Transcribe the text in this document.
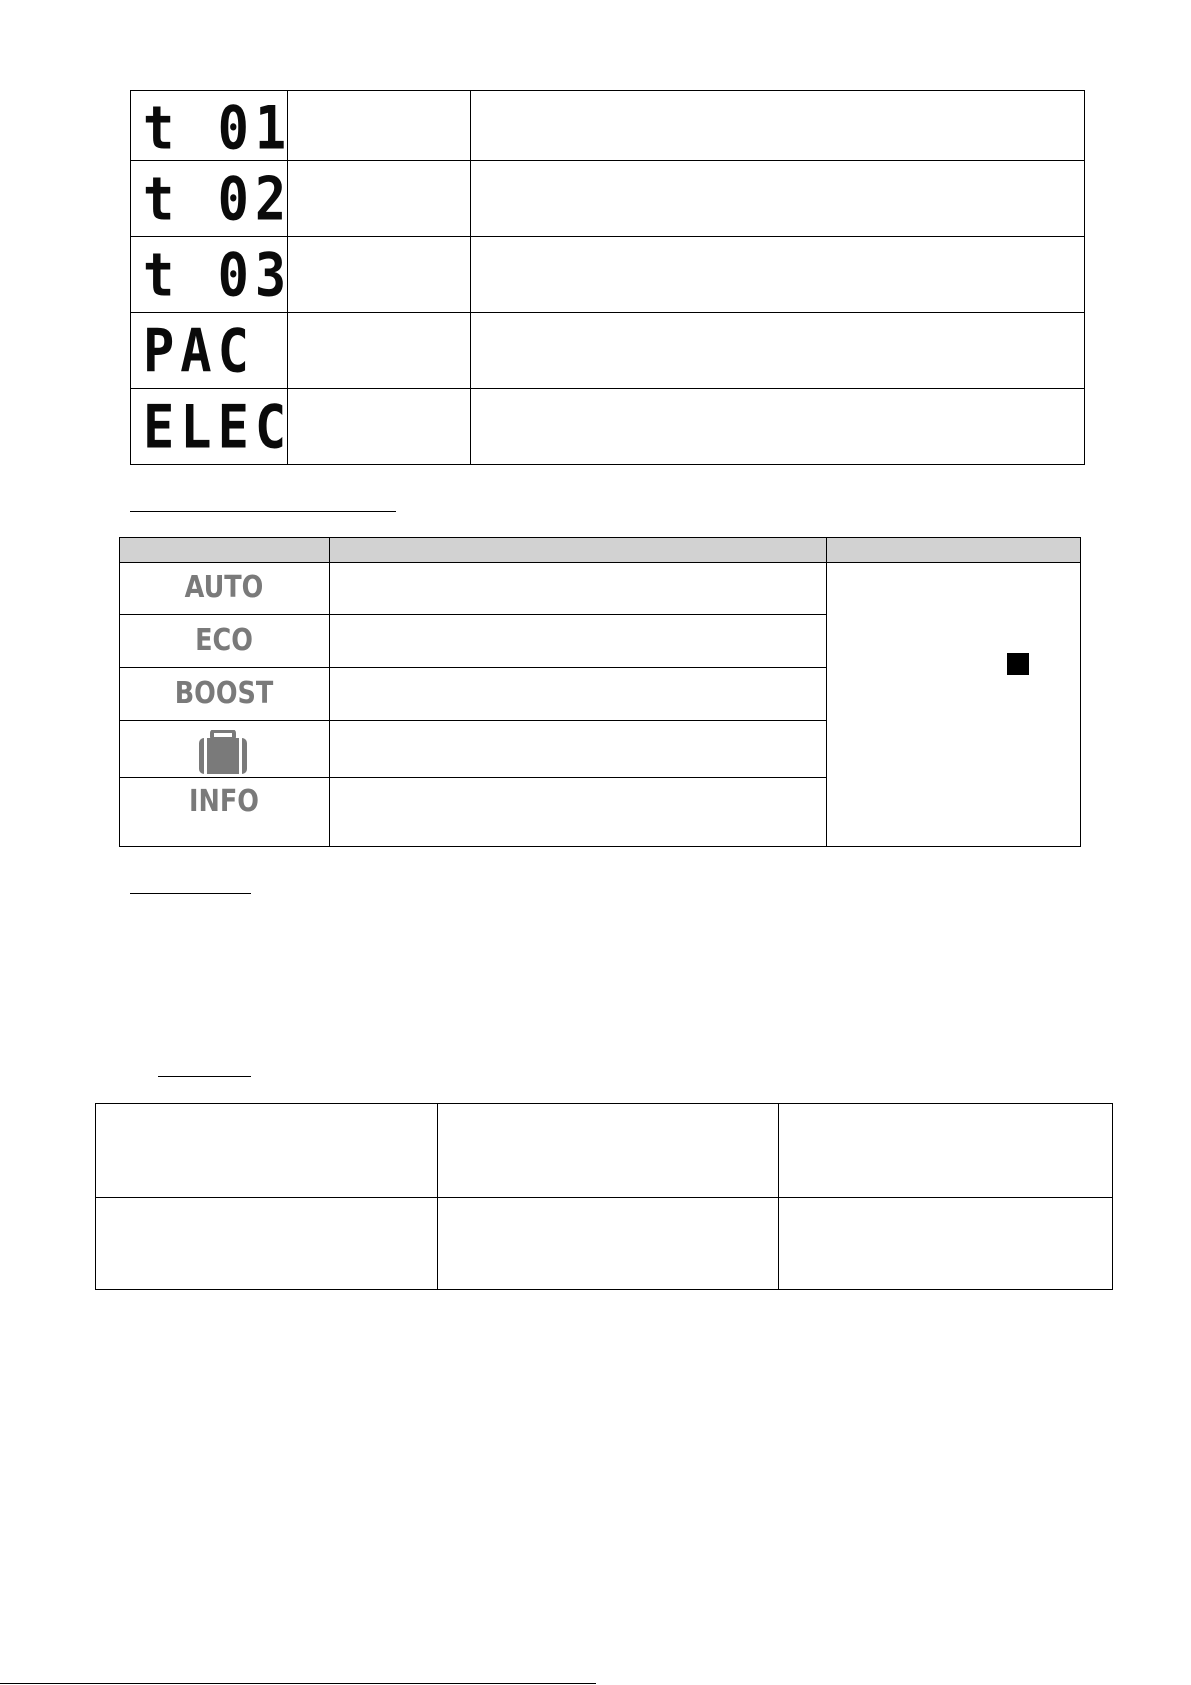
t 01
t 02
t 03
PAC
ELEC
AUTO
ECO
BOOST
INFO
